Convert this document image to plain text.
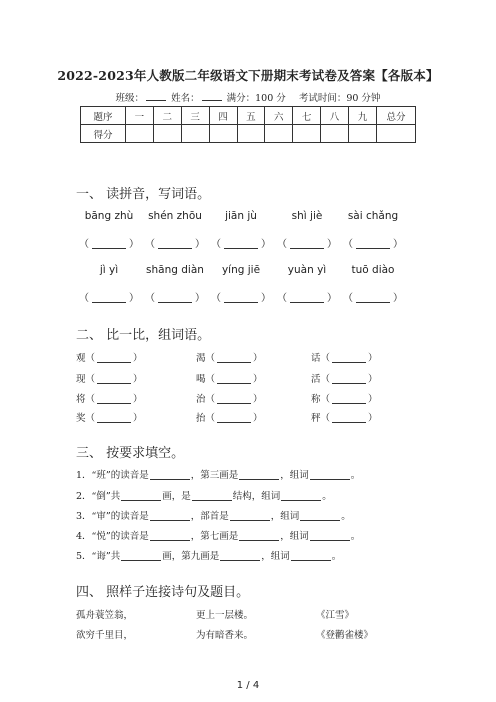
2022-2023年人教版二年级语文下册期末考试卷及答案【各版本】
班级：	姓名：	满分：100 分 考试时间：90 分钟
题序	一	二	三	四	五	六	七	八	九	总分
得分										
一、 读拼音，写词语。
bāng zhù	shén zhōu	jiān jù	shì jiè	sài chǎng
（	） （	） （	） （	） （	）
jì yì	shāng diàn	yíng jiē	yuàn yì	tuō diào
（	） （	） （	） （	） （	）
二、 比一比，组词语。
观（	）	渴（	）	话（	）
现（	）	喝（	）	活（	）
将（	）	治（	）	称（	）
奖（	）	抬（	）	秤（	）
三、 按要求填空。
1．“班”的读音是	，第三画是	，组词	。
2．“倒”共	画，是	结构，组词	。
3．“审”的读音是	，部首是	，组词	。
4．“悦”的读音是	，第七画是	，组词	。
5．“诲”共	画，第九画是	，组词	。
四、 照样子连接诗句及题目。
孤舟蓑笠翁，	更上一层楼。	《江雪》
欲穷千里目，	为有暗香来。	《登鹳雀楼》
1 / 4
